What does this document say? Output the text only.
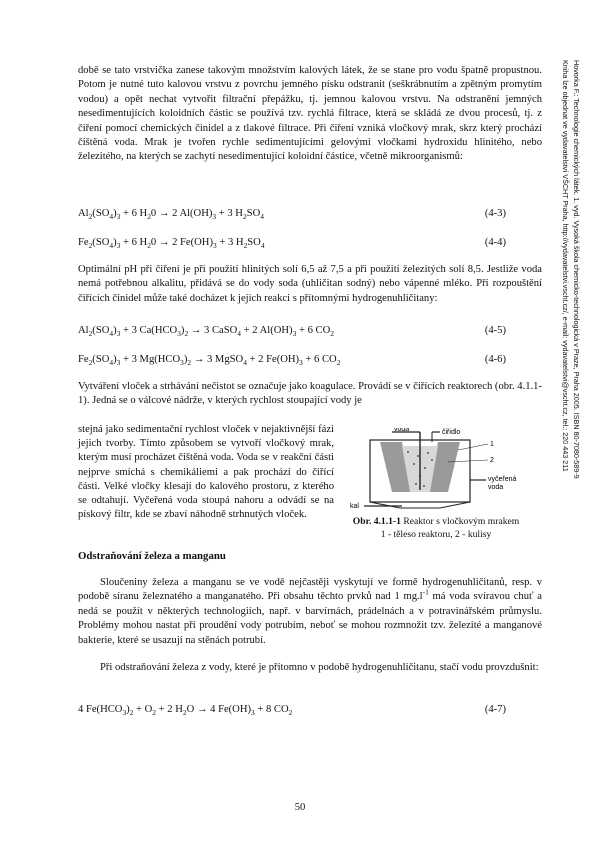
době se tato vrstvička zanese takovým množstvím kalových látek, že se stane pro vodu špatně propustnou. Potom je nutné tuto kalovou vrstvu z povrchu jemného písku odstranit (seškrábnutím a zpětným promytím vodou) a opět nechat vytvořit filtrační přepážku, tj. jemnou kalovou vrstvu. Na odstranění jemných nesedimentujících koloidních částic se používá tzv. rychlá filtrace, která se skládá ze dvou procesů, tj. z čiření pomocí chemických činidel a z tlakové filtrace. Při čiření vzniká vločkový mrak, skrz který prochází čištěná voda. Mrak je tvořen rychle sedimentujícími gelovými vločkami hydroxidu hlinitého, nebo železitého, na kterých se zachytí nesedimentující koloidní částice, včetně mikroorganismů:

$Al_2(SO_4)_3 + 6$ $H_20 \to 2$ $Al(OH)_3 + 3$ $H_2SO_4$	(4-3)
$Fe_2(SO_4)_3 + 6$ $H_20 \to 2$ $Fe(OH)_3 + 3$ $H_2SO_4$	(4-4)

Optimální pH při čiření je při použití hlinitých solí 6,5 až 7,5 a při použití železitých solí 8,5. Jestliže voda nemá potřebnou alkalitu, přidává se do vody soda (uhličitan sodný) nebo vápenné mléko. Při rozpouštění čiřících činidel může také docházet k jejich reakci s přítomnými hydrogenuhličitany:

$Al_2(SO_4)_3 + 3$ $Ca(HCO_3)_2 \to 3$ CaSO$_4$ + 2 $Al(OH)_3 + 6$ $CO_2$	(4-5)
$Fe_2(SO_4)_3 + 3$ $Mg(HCO_3)_2 \to 3$ MgSO$_4$ + 2 $Fe(OH)_3 + 6$ $CO_2$	(4-6)

Vytváření vloček a strhávání nečistot se označuje jako koagulace. Provádí se v čiřících reaktorech (obr. 4.1.1-1). Jedná se o válcové nádrže, v kterých rychlost stoupající vody je

stejná jako sedimentační rychlost vloček v nejaktivnější fázi jejich tvorby. Tímto způsobem se vytvoří vločkový mrak, kterým musí procházet čištěná voda. Voda se v reakční části nejprve smíchá s chemikáliemi a pak prochází do čiřící části. Velké vločky klesají do kalového prostoru, z kterého se odtahují. Vyčeřená voda stoupá nahoru a odvádí se na pískový filtr, kde se zbaví náhodně strhnutých vloček.

voda	čiřidlo
1
2
vyčeřená
voda
kal
Obr. 4.1.1-1 Reaktor s vločkovým mrakem
1 - těleso reaktoru, 2 - kulisy
Odstraňování železa a manganu

Sloučeniny železa a manganu se ve vodě nejčastěji vyskytují ve formě hydrogenuhličitanů, resp. v podobě síranu železnatého a manganatého. Při obsahu těchto prvků nad 1 $mg.l^{-1}$ má voda svíravou chuť a nedá se použít v některých technologiích, např. v barvírnách, prádelnách a v potravinářském průmyslu. Problémy mohou nastat při proudění vody potrubím, neboť se mohou rozmnožit tzv. železité a manganové bakterie, které se usazují na stěnách potrubí.

Při odstraňování železa z vody, které je přítomno v podobě hydrogenuhličitanu, stačí vodu provzdušnit:

4 $Fe(HCO_3)_2 + O_2 + 2$ $H_2O \to 4$ $Fe(OH)_3 + 8$ $CO_2$	(4-7)
Hovorka F.: Technologie chemických látek. 1. vyd. Vysoká škola chemicko-technologická v Praze, Praha 2005. ISBN 80-7080-589-9
Kniha lze objednat ve vydavatelství VŠCHT Praha, http://vydavatelstvi.vscht.cz/, e-mail: vydavatelstvi@vscht.cz, tel.: 220 443 211
50
